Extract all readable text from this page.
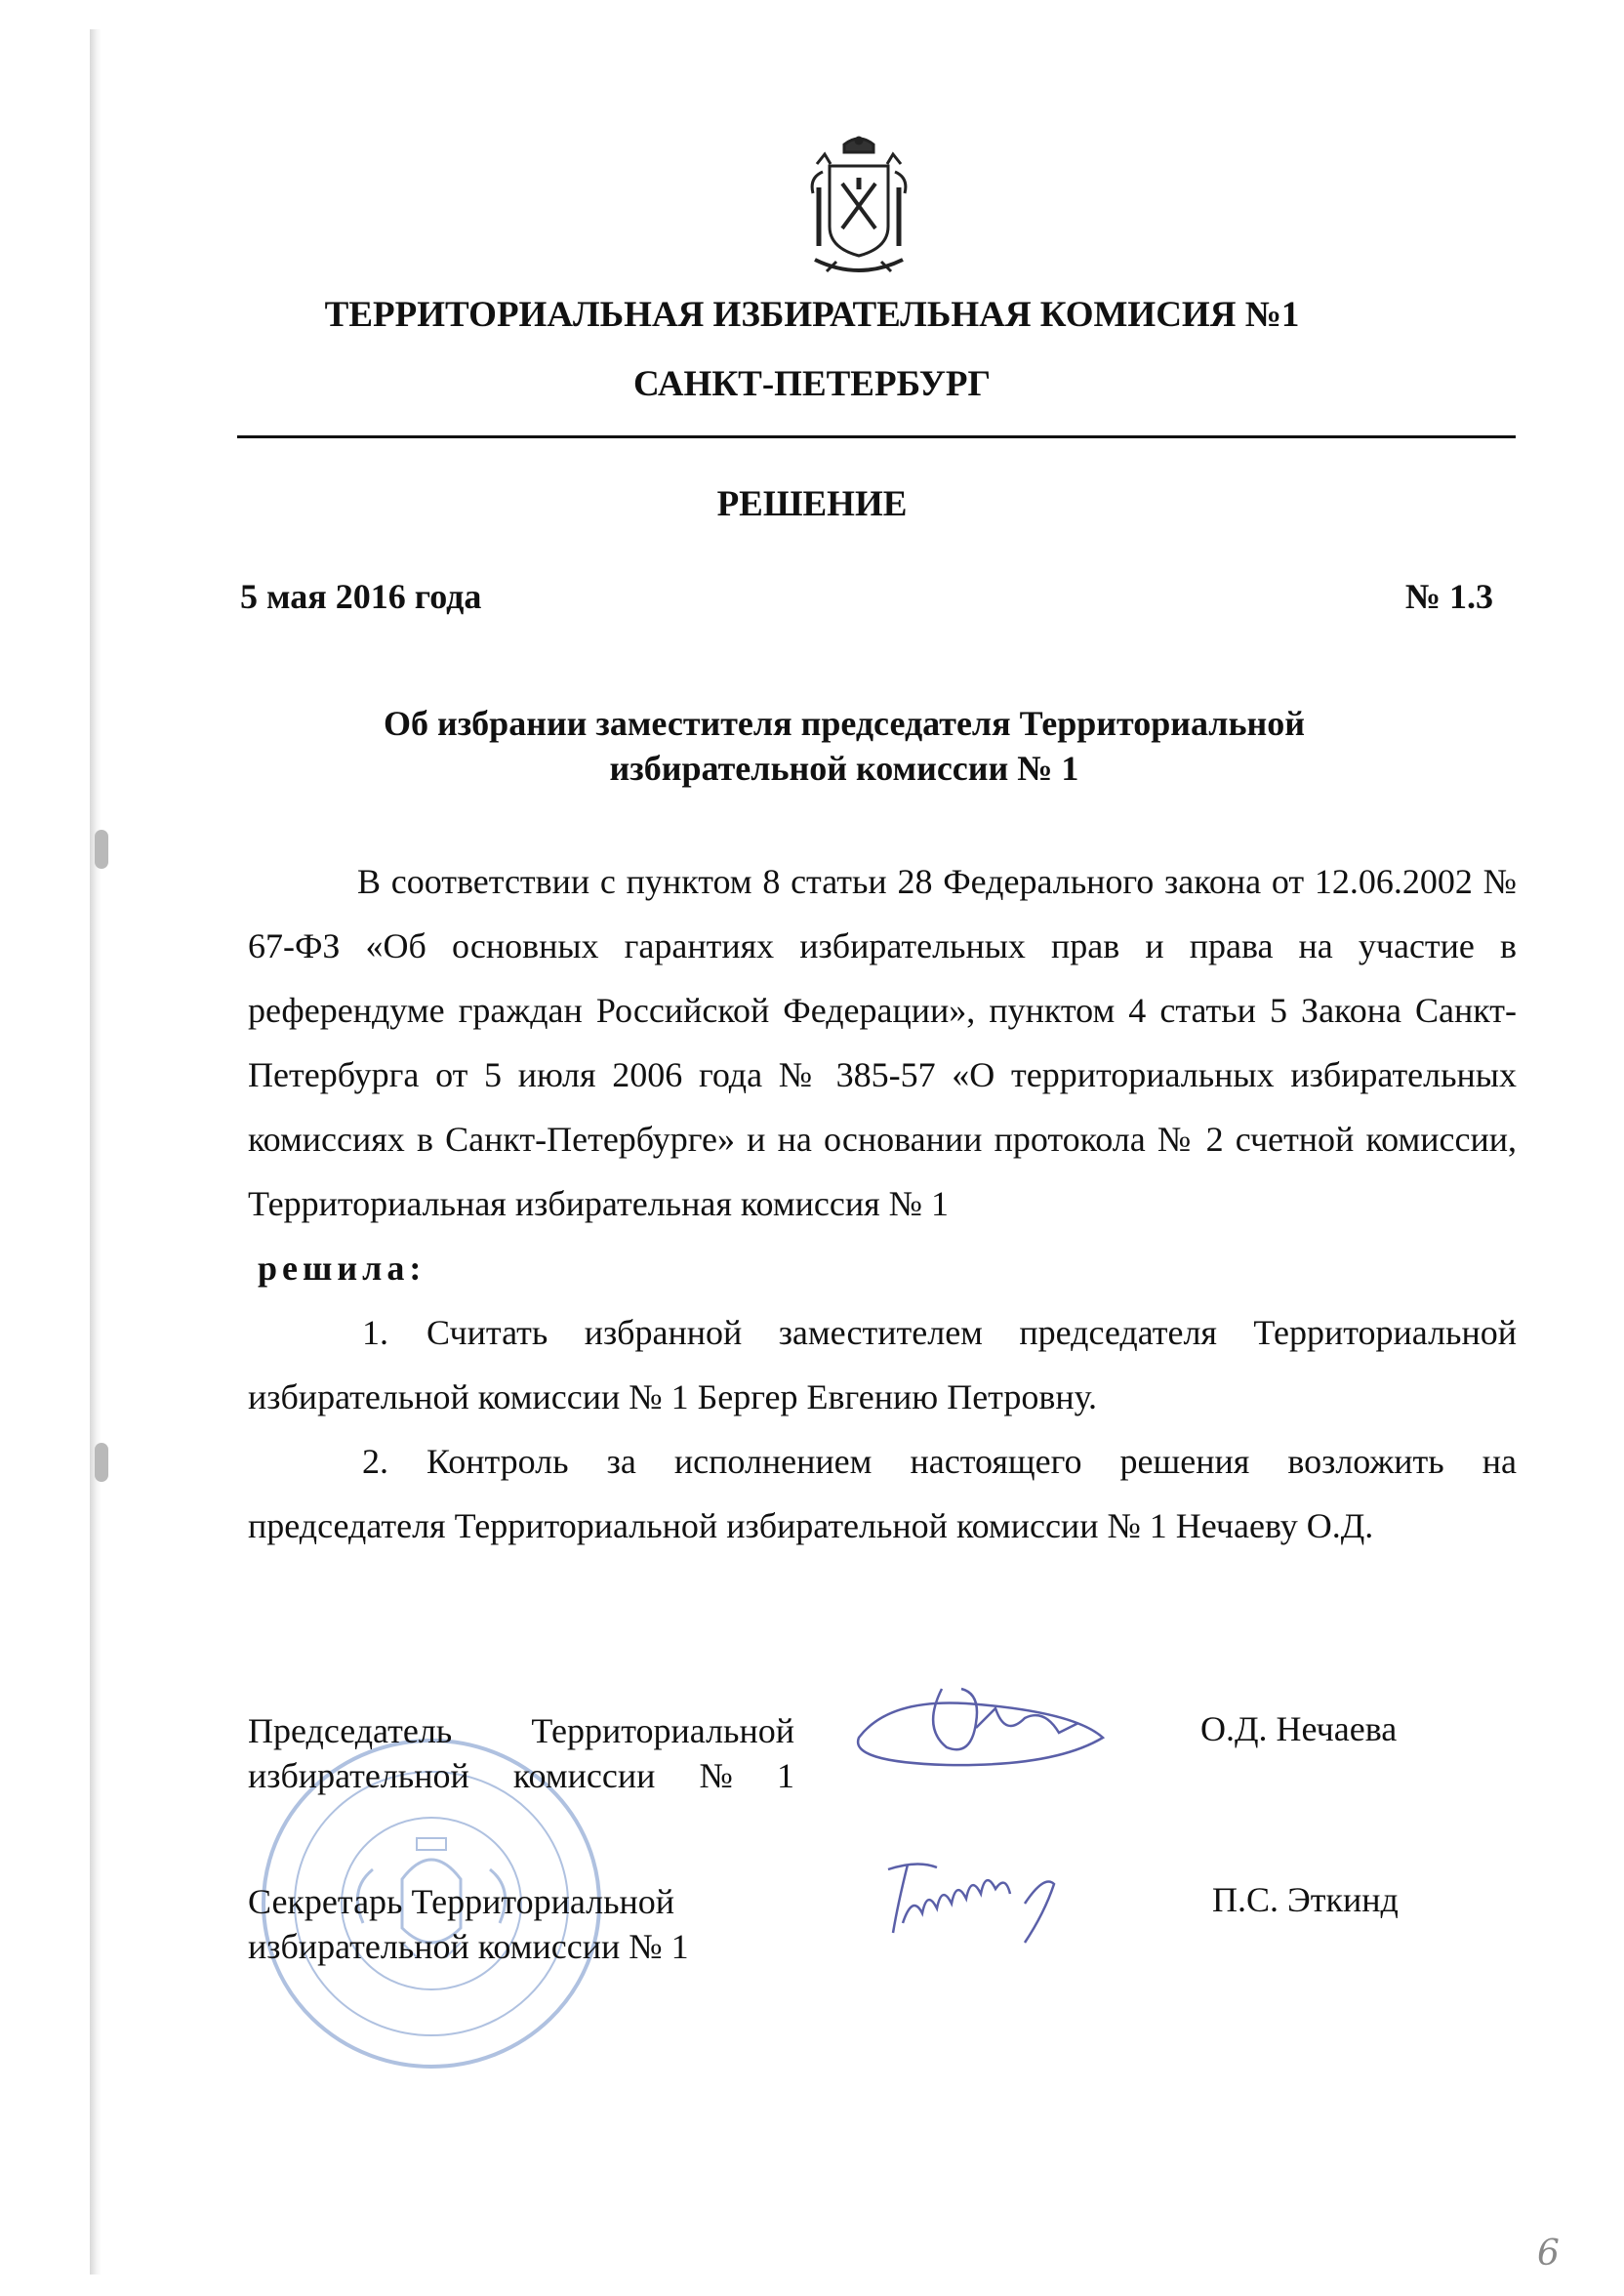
ТЕРРИТОРИАЛЬНАЯ ИЗБИРАТЕЛЬНАЯ КОМИСИЯ №1
САНКТ-ПЕТЕРБУРГ
РЕШЕНИЕ
5 мая 2016 года	№ 1.3
Об избрании заместителя председателя Территориальной
избирательной комиссии № 1

В соответствии с пунктом 8 статьи 28 Федерального закона от 12.06.2002 № 67-ФЗ «Об основных гарантиях избирательных прав и права на участие в референдуме граждан Российской Федерации», пунктом 4 статьи 5 Закона Санкт-Петербурга от 5 июля 2006 года № 385-57 «О территориальных избирательных комиссиях в Санкт-Петербурге» и на основании протокола № 2 счетной комиссии, Территориальная избирательная комиссия № 1

решила:

1. Считать избранной заместителем председателя Территориальной избирательной комиссии № 1 Бергер Евгению Петровну.

2. Контроль за исполнением настоящего решения возложить на председателя Территориальной избирательной комиссии № 1 Нечаеву О.Д.

Председатель Территориальной
избирательной комиссии № 1
О.Д. Нечаева
Секретарь Территориальной
избирательной комиссии № 1
П.С. Эткинд
6
